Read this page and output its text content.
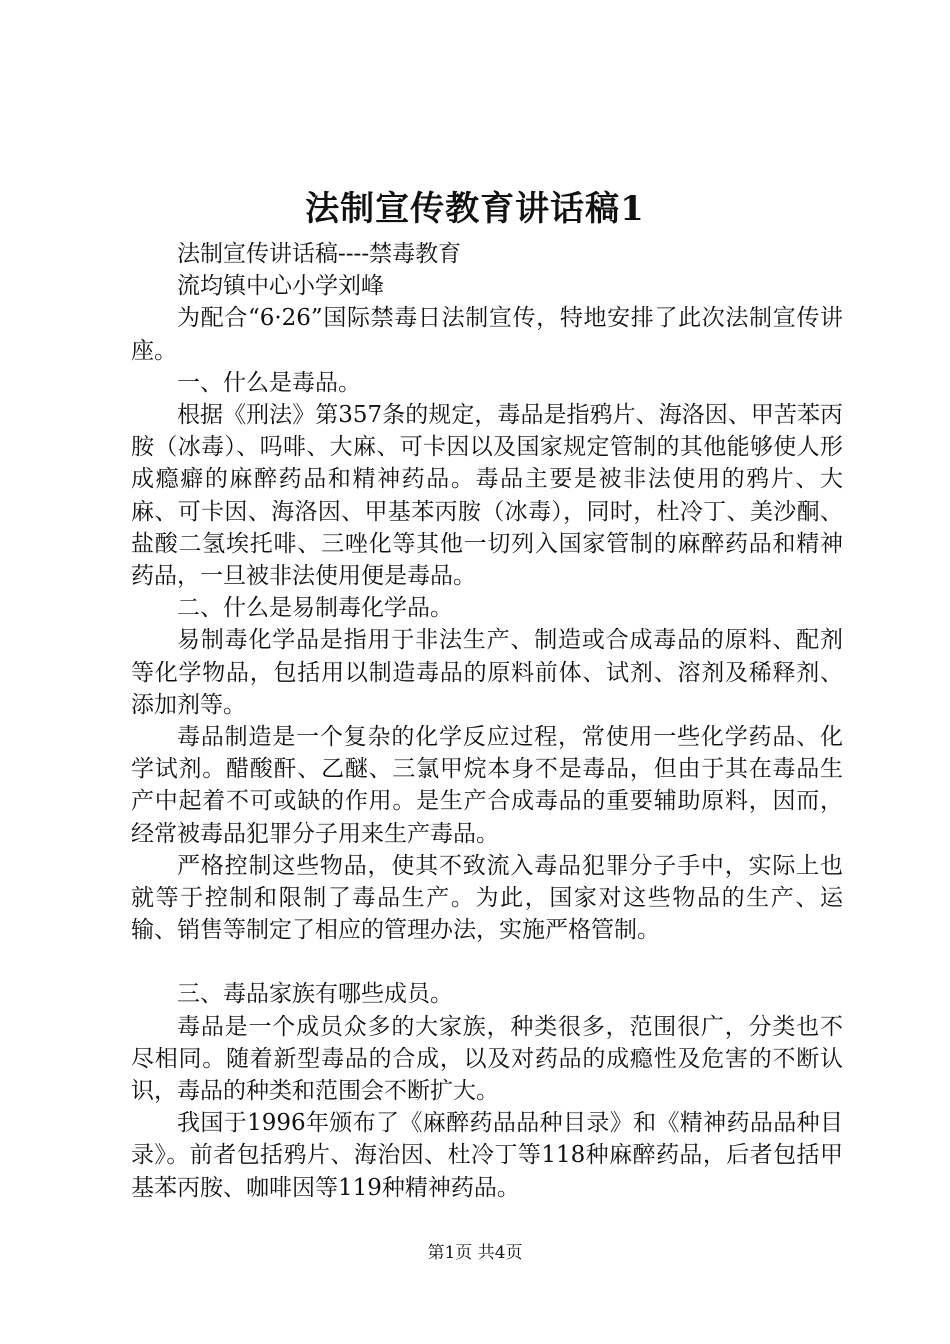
法制宣传教育讲话稿1

法制宣传讲话稿----禁毒教育

流均镇中心小学刘峰

为配合“6·26”国际禁毒日法制宣传，特地安排了此次法制宣传讲座。

一、什么是毒品。

根据《刑法》第357条的规定，毒品是指鸦片、海洛因、甲苦苯丙胺（冰毒）、吗啡、大麻、可卡因以及国家规定管制的其他能够使人形成瘾癖的麻醉药品和精神药品。毒品主要是被非法使用的鸦片、大麻、可卡因、海洛因、甲基苯丙胺（冰毒），同时，杜冷丁、美沙酮、盐酸二氢埃托啡、三唑化等其他一切列入国家管制的麻醉药品和精神药品，一旦被非法使用便是毒品。

二、什么是易制毒化学品。

易制毒化学品是指用于非法生产、制造或合成毒品的原料、配剂等化学物品，包括用以制造毒品的原料前体、试剂、溶剂及稀释剂、添加剂等。

毒品制造是一个复杂的化学反应过程，常使用一些化学药品、化学试剂。醋酸酐、乙醚、三氯甲烷本身不是毒品，但由于其在毒品生产中起着不可或缺的作用。是生产合成毒品的重要辅助原料，因而，经常被毒品犯罪分子用来生产毒品。

严格控制这些物品，使其不致流入毒品犯罪分子手中，实际上也就等于控制和限制了毒品生产。为此，国家对这些物品的生产、运输、销售等制定了相应的管理办法，实施严格管制。

三、毒品家族有哪些成员。

毒品是一个成员众多的大家族，种类很多，范围很广，分类也不尽相同。随着新型毒品的合成，以及对药品的成瘾性及危害的不断认识，毒品的种类和范围会不断扩大。

我国于1996年颁布了《麻醉药品品种目录》和《精神药品品种目录》。前者包括鸦片、海治因、杜冷丁等118种麻醉药品，后者包括甲基苯丙胺、咖啡因等119种精神药品。

第1页 共4页
